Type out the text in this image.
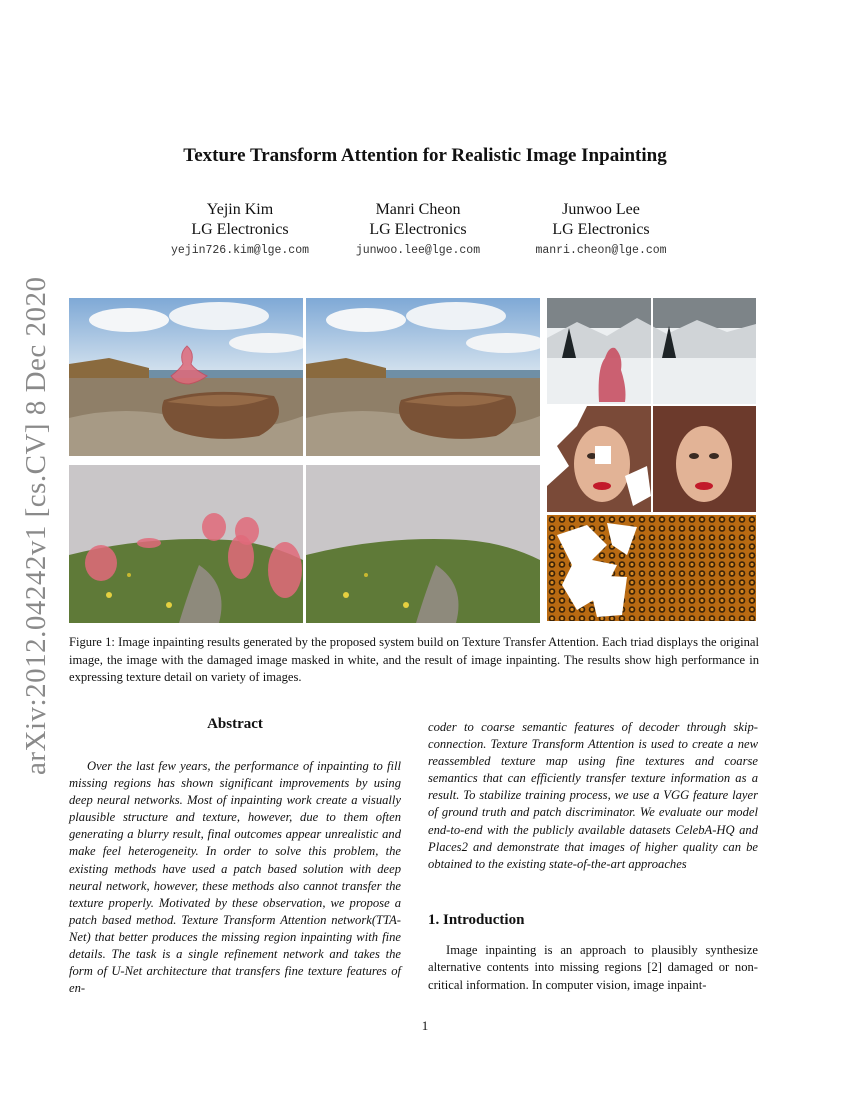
arXiv:2012.04242v1 [cs.CV] 8 Dec 2020
Texture Transform Attention for Realistic Image Inpainting
Yejin Kim
LG Electronics
yejin726.kim@lge.com
Manri Cheon
LG Electronics
junwoo.lee@lge.com
Junwoo Lee
LG Electronics
manri.cheon@lge.com
Figure 1: Image inpainting results generated by the proposed system build on Texture Transfer Attention. Each triad displays the original image, the image with the damaged image masked in white, and the result of image inpainting. The results show high performance in expressing texture detail on variety of images.
Abstract
Over the last few years, the performance of inpainting to fill missing regions has shown significant improvements by using deep neural networks. Most of inpainting work create a visually plausible structure and texture, however, due to them often generating a blurry result, final outcomes appear unrealistic and make feel heterogeneity. In order to solve this problem, the existing methods have used a patch based solution with deep neural network, however, these methods also cannot transfer the texture properly. Motivated by these observation, we propose a patch based method. Texture Transform Attention network(TTA-Net) that better produces the missing region inpainting with fine details. The task is a single refinement network and takes the form of U-Net architecture that transfers fine texture features of en-
coder to coarse semantic features of decoder through skip-connection. Texture Transform Attention is used to create a new reassembled texture map using fine textures and coarse semantics that can efficiently transfer texture information as a result. To stabilize training process, we use a VGG feature layer of ground truth and patch discriminator. We evaluate our model end-to-end with the publicly available datasets CelebA-HQ and Places2 and demonstrate that images of higher quality can be obtained to the existing state-of-the-art approaches
1. Introduction
Image inpainting is an approach to plausibly synthesize alternative contents into missing regions [2] damaged or non-critical information. In computer vision, image inpaint-
1
